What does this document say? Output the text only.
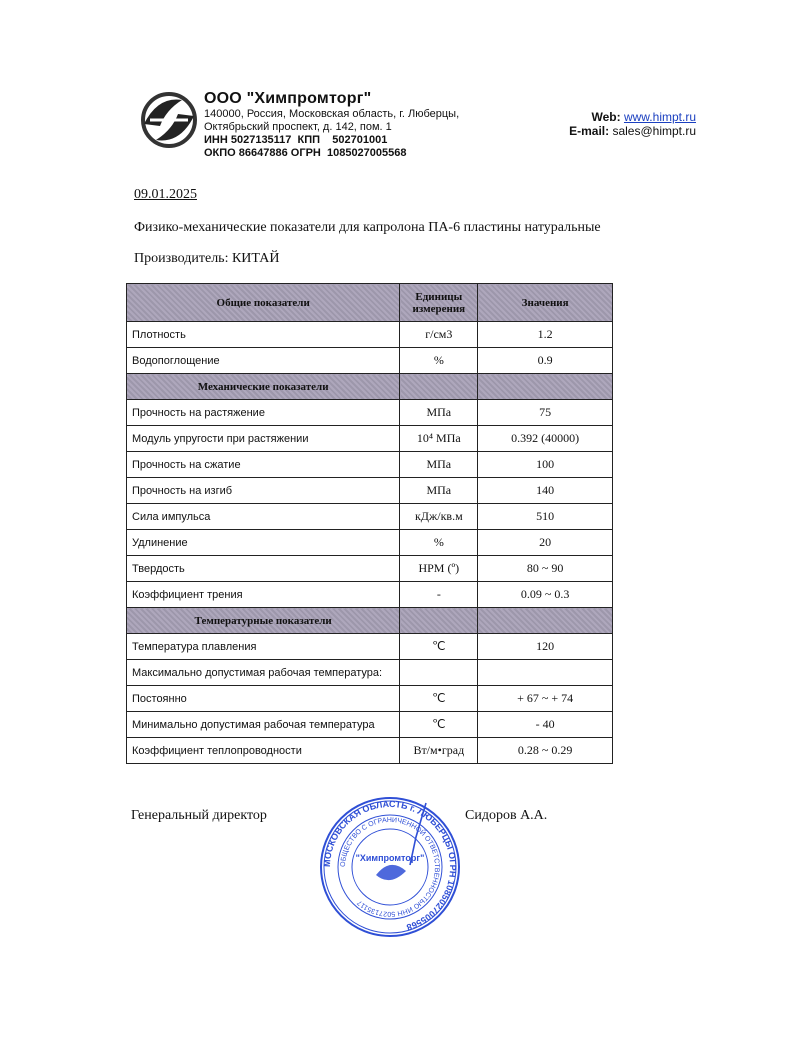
ООО "Химпромторг"
140000, Россия, Московская область, г. Люберцы,
Октябрьский проспект, д. 142, пом. 1
ИНН 5027135117  КПП    502701001
ОКПО 86647886 ОГРН  1085027005568
Web: www.himpt.ru
E-mail: sales@himpt.ru
09.01.2025
Физико-механические показатели для капролона ПА-6 пластины натуральные
Производитель: КИТАЙ
Общие показатели	Единицы измерения	Значения
Плотность	г/см3	1.2
Водопоглощение	%	0.9
Механические показатели		
Прочность на растяжение	МПа	75
Модуль упругости при растяжении	10⁴ МПа	0.392 (40000)
Прочность на сжатие	МПа	100
Прочность на изгиб	МПа	140
Сила импульса	кДж/кв.м	510
Удлинение	%	20
Твердость	НРМ (º)	80 ~ 90
Коэффициент трения	-	0.09 ~ 0.3
Температурные показатели		
Температура плавления	℃	120
Максимально допустимая рабочая температура:		
Постоянно	℃	+ 67 ~ + 74
Минимально допустимая рабочая температура	℃	- 40
Коэффициент теплопроводности	Вт/м•град	0.28 ~ 0.29
Генеральный директор	Сидоров А.А.
МОСКОВСКАЯ ОБЛАСТЬ г. ЛЮБЕРЦЫ ОГРН 1085027005568
ОБЩЕСТВО С ОГРАНИЧЕННОЙ ОТВЕТСТВЕННОСТЬЮ ИНН 5027135117
"Химпромторг"
